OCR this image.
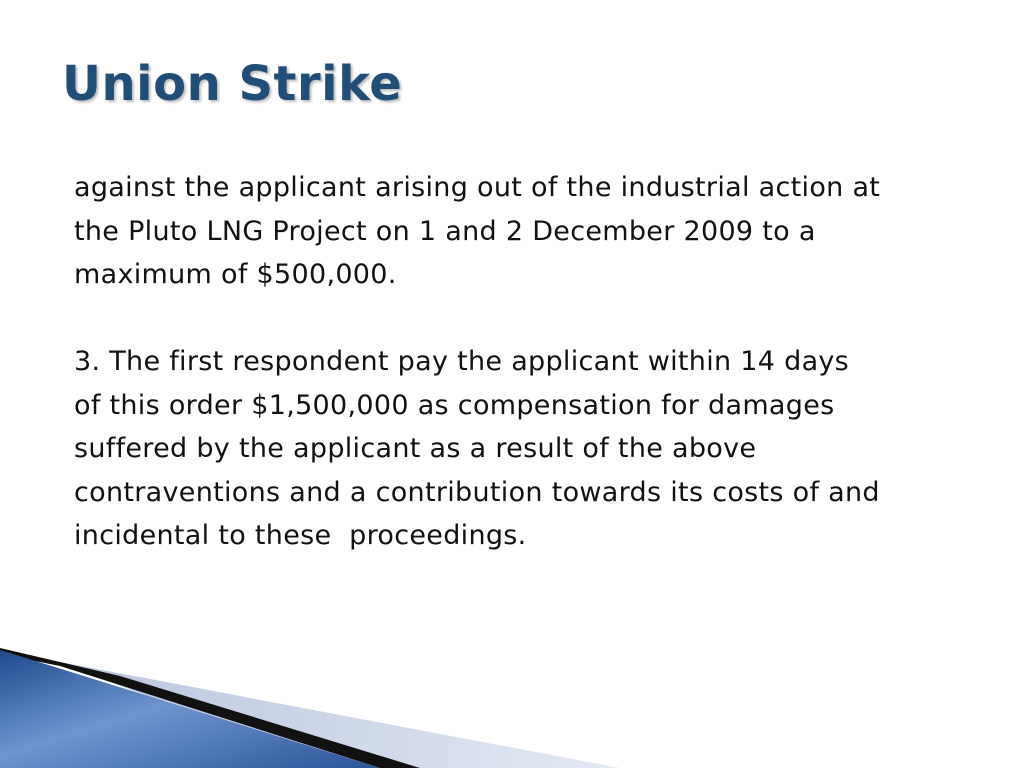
Union Strike

against the applicant arising out of the industrial action at
the Pluto LNG Project on 1 and 2 December 2009 to a
maximum of $500,000.

3. The first respondent pay the applicant within 14 days
of this order $1,500,000 as compensation for damages
suffered by the applicant as a result of the above
contraventions and a contribution towards its costs of and
incidental to these  proceedings.
